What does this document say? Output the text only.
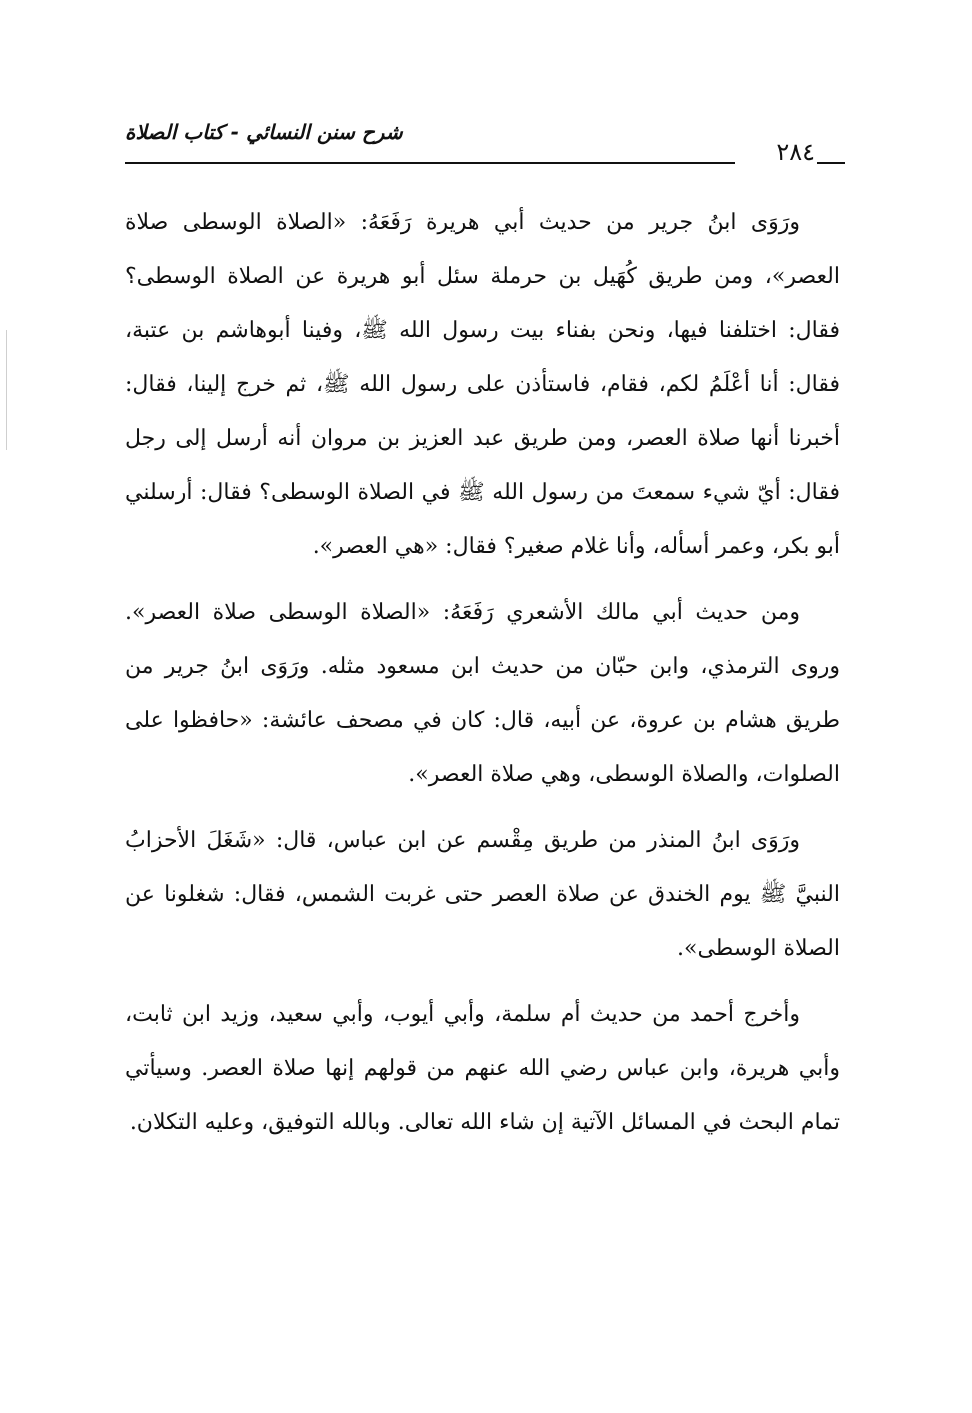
٢٨٤
شرح سنن النسائي - كتاب الصلاة

ورَوَى ابنُ جرير من حديث أبي هريرة رَفَعَهُ: «الصلاة الوسطى صلاة العصر»، ومن طريق كُهَيل بن حرملة سئل أبو هريرة عن الصلاة الوسطى؟ فقال: اختلفنا فيها، ونحن بفناء بيت رسول الله ﷺ، وفينا أبوهاشم بن عتبة، فقال: أنا أعْلَمُ لكم، فقام، فاستأذن على رسول الله ﷺ، ثم خرج إلينا، فقال: أخبرنا أنها صلاة العصر، ومن طريق عبد العزيز بن مروان أنه أرسل إلى رجل فقال: أيّ شيء سمعتَ من رسول الله ﷺ في الصلاة الوسطى؟ فقال: أرسلني أبو بكر، وعمر أسأله، وأنا غلام صغير؟ فقال: «هي العصر».

ومن حديث أبي مالك الأشعري رَفَعَهُ: «الصلاة الوسطى صلاة العصر». وروى الترمذي، وابن حبّان من حديث ابن مسعود مثله. ورَوَى ابنُ جرير من طريق هشام بن عروة، عن أبيه، قال: كان في مصحف عائشة: «حافظوا على الصلوات، والصلاة الوسطى، وهي صلاة العصر».

ورَوَى ابنُ المنذر من طريق مِقْسم عن ابن عباس، قال: «شَغَلَ الأحزابُ النبيَّ ﷺ يوم الخندق عن صلاة العصر حتى غربت الشمس، فقال: شغلونا عن الصلاة الوسطى».

وأخرج أحمد من حديث أم سلمة، وأبي أيوب، وأبي سعيد، وزيد ابن ثابت، وأبي هريرة، وابن عباس رضي الله عنهم من قولهم إنها صلاة العصر. وسيأتي تمام البحث في المسائل الآتية إن شاء الله تعالى. وبالله التوفيق، وعليه التكلان.
